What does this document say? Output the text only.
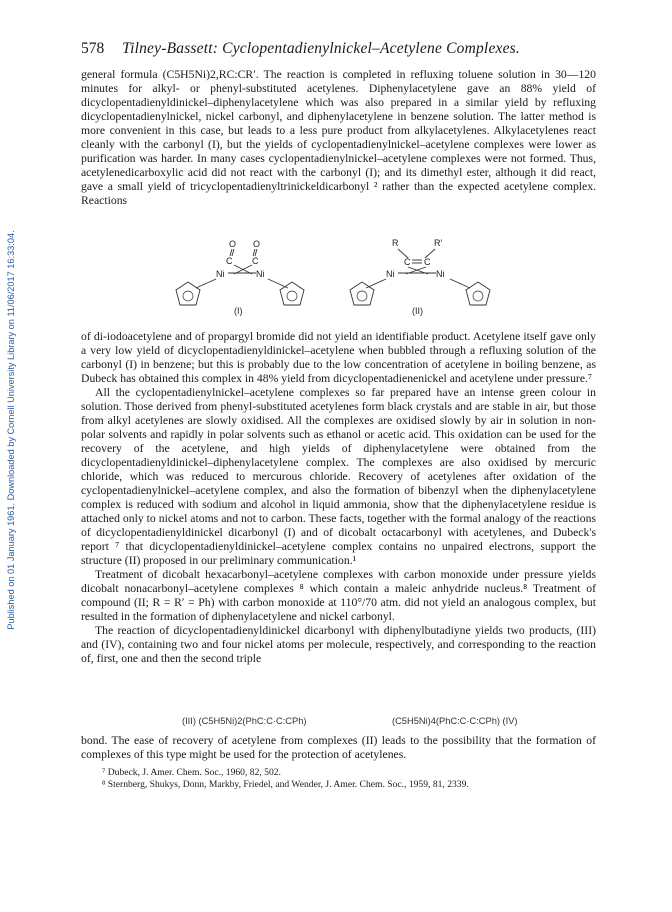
Published on 01 January 1961. Downloaded by Cornell University Library on 11/06/2017 16:33:04.
578 Tilney-Bassett: Cyclopentadienylnickel–Acetylene Complexes.

general formula (C5H5Ni)2,RC:CR′. The reaction is completed in refluxing toluene solution in 30—120 minutes for alkyl- or phenyl-substituted acetylenes. Diphenylacetylene gave an 88% yield of dicyclopentadienyldinickel–diphenylacetylene which was also prepared in a similar yield by refluxing dicyclopentadienylnickel, nickel carbonyl, and diphenylacetylene in benzene solution. The latter method is more convenient in this case, but leads to a less pure product from alkylacetylenes. Alkylacetylenes react cleanly with the carbonyl (I), but the yields of cyclopentadienylnickel–acetylene complexes were lower as purification was harder. In many cases cyclopentadienylnickel–acetylene complexes were not formed. Thus, acetylenedicarboxylic acid did not react with the carbonyl (I); and its dimethyl ester, although it did react, gave a small yield of tricyclopentadienyltrinickeldicarbonyl ² rather than the expected acetylene complex. Reactions

O O
C C
Ni	Ni
(I)
R	R′
C C
Ni	Ni
(II)

of di-iodoacetylene and of propargyl bromide did not yield an identifiable product. Acetylene itself gave only a very low yield of dicyclopentadienyldinickel–acetylene when bubbled through a refluxing solution of the carbonyl (I) in benzene; but this is probably due to the low concentration of acetylene in boiling benzene, as Dubeck has obtained this complex in 48% yield from dicyclopentadienenickel and acetylene under pressure.⁷

All the cyclopentadienylnickel–acetylene complexes so far prepared have an intense green colour in solution. Those derived from phenyl-substituted acetylenes form black crystals and are stable in air, but those from alkyl acetylenes are slowly oxidised. All the complexes are oxidised slowly by air in solution in non-polar solvents and rapidly in polar solvents such as ethanol or acetic acid. This oxidation can be used for the recovery of the acetylene, and high yields of diphenylacetylene were obtained from the dicyclopentadienyldinickel–diphenylacetylene complex. The complexes are also oxidised by mercuric chloride, which was reduced to mercurous chloride. Recovery of acetylenes after oxidation of the cyclopentadienylnickel–acetylene complex, and also the formation of bibenzyl when the diphenylacetylene complex is reduced with sodium and alcohol in liquid ammonia, show that the diphenylacetylene residue is attached only to nickel atoms and not to carbon. These facts, together with the formal analogy of the reactions of dicyclopentadienyldinickel dicarbonyl (I) and of dicobalt octacarbonyl with acetylenes, and Dubeck's report ⁷ that dicyclopentadienyldinickel–acetylene complex contains no unpaired electrons, support the structure (II) proposed in our preliminary communication.¹

Treatment of dicobalt hexacarbonyl–acetylene complexes with carbon monoxide under pressure yields dicobalt nonacarbonyl–acetylene complexes ⁸ which contain a maleic anhydride nucleus.⁸ Treatment of compound (II; R = R′ = Ph) with carbon monoxide at 110°/70 atm. did not yield an analogous complex, but resulted in the formation of diphenylacetylene and nickel carbonyl.

The reaction of dicyclopentadienyldinickel dicarbonyl with diphenylbutadiyne yields two products, (III) and (IV), containing two and four nickel atoms per molecule, respectively, and corresponding to the reaction of, first, one and then the second triple

(III) (C5H5Ni)2(PhC:C·C:CPh)	(C5H5Ni)4(PhC:C·C:CPh) (IV)

bond. The ease of recovery of acetylene from complexes (II) leads to the possibility that the formation of complexes of this type might be used for the protection of acetylenes.

⁷ Dubeck, J. Amer. Chem. Soc., 1960, 82, 502.
⁸ Sternberg, Shukys, Donn, Markby, Friedel, and Wender, J. Amer. Chem. Soc., 1959, 81, 2339.
